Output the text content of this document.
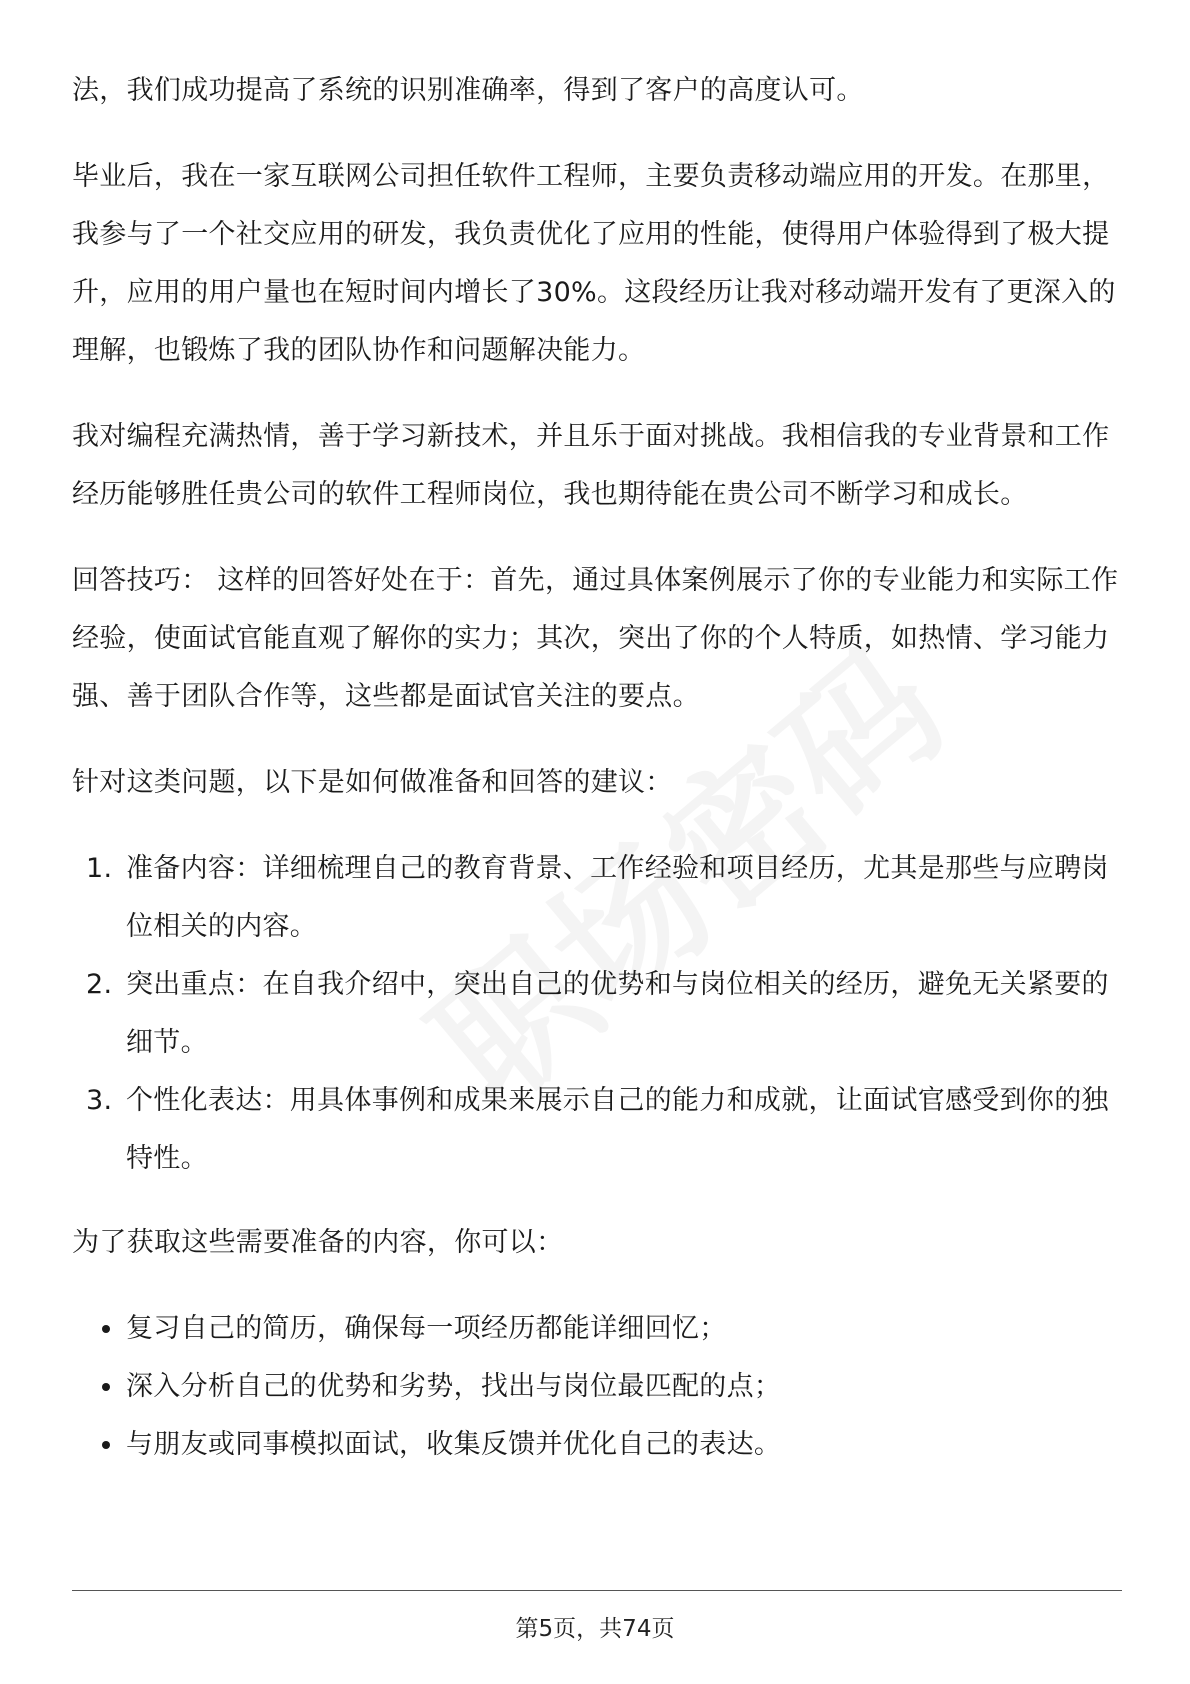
法，我们成功提高了系统的识别准确率，得到了客户的高度认可。

毕业后，我在一家互联网公司担任软件工程师，主要负责移动端应用的开发。在那里，我参与了一个社交应用的研发，我负责优化了应用的性能，使得用户体验得到了极大提升，应用的用户量也在短时间内增长了30%。这段经历让我对移动端开发有了更深入的理解，也锻炼了我的团队协作和问题解决能力。

我对编程充满热情，善于学习新技术，并且乐于面对挑战。我相信我的专业背景和工作经历能够胜任贵公司的软件工程师岗位，我也期待能在贵公司不断学习和成长。

回答技巧： 这样的回答好处在于：首先，通过具体案例展示了你的专业能力和实际工作经验，使面试官能直观了解你的实力；其次，突出了你的个人特质，如热情、学习能力强、善于团队合作等，这些都是面试官关注的要点。

针对这类问题，以下是如何做准备和回答的建议：

1. 准备内容：详细梳理自己的教育背景、工作经验和项目经历，尤其是那些与应聘岗位相关的内容。
2. 突出重点：在自我介绍中，突出自己的优势和与岗位相关的经历，避免无关紧要的细节。
3. 个性化表达：用具体事例和成果来展示自己的能力和成就，让面试官感受到你的独特性。

为了获取这些需要准备的内容，你可以：

复习自己的简历，确保每一项经历都能详细回忆；
深入分析自己的优势和劣势，找出与岗位最匹配的点；
与朋友或同事模拟面试，收集反馈并优化自己的表达。
第5页，共74页
